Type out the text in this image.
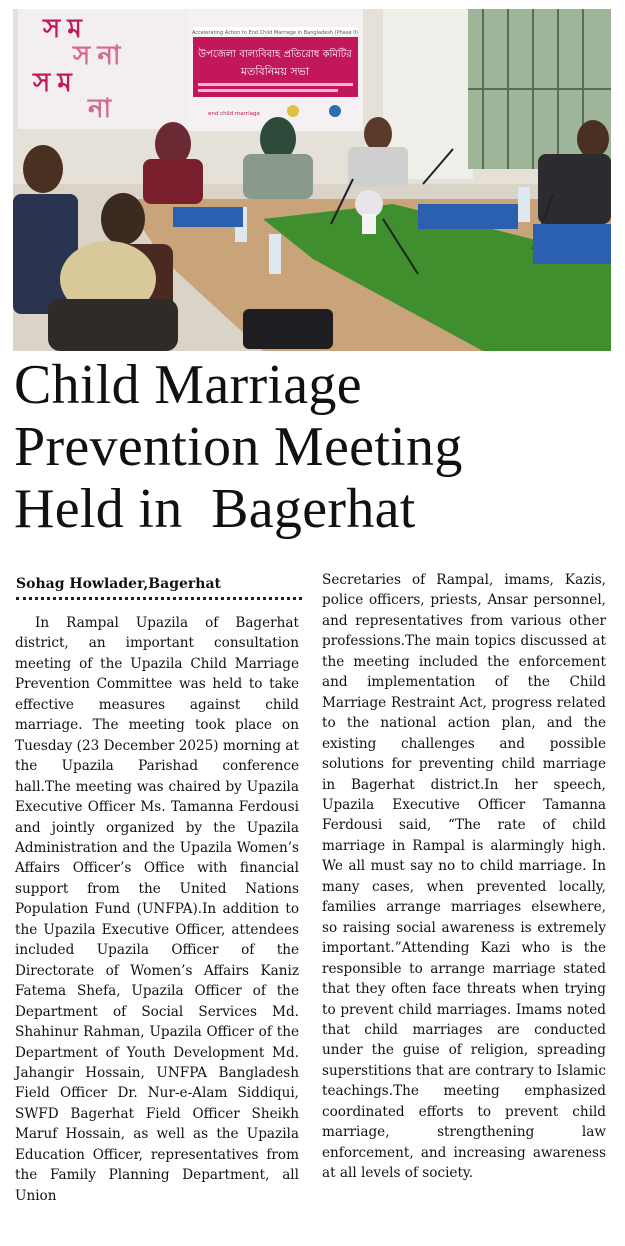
স ম
স না
স ম
না
Accelerating Action to End Child Marriage in Bangladesh (Phase II)
উপজেলা বাল্যবিবাহ প্রতিরোধ কমিটির
মতবিনিময় সভা
end child marriage
Child Marriage
Prevention Meeting
Held in  Bagerhat
Sohag Howlader,Bagerhat

In Rampal Upazila of Bagerhat district, an important consultation meeting of the Upazila Child Marriage Prevention Committee was held to take effective measures against child marriage. The meeting took place on Tuesday (23 December 2025) morning at the Upazila Parishad conference hall.The meeting was chaired by Upazila Executive Officer Ms. Tamanna Ferdousi and jointly organized by the Upazila Administration and the Upazila Women’s Affairs Officer’s Office with financial support from the United Nations Population Fund (UNFPA).In addition to the Upazila Executive Officer, attendees included Upazila Officer of the Directorate of Women’s Affairs Kaniz Fatema Shefa, Upazila Officer of the Department of Social Services Md. Shahinur Rahman, Upazila Officer of the Department of Youth Development Md. Jahangir Hossain, UNFPA Bangladesh Field Officer Dr. Nur-e-Alam Siddiqui, SWFD Bagerhat Field Officer Sheikh Maruf Hossain, as well as the Upazila Education Officer, representatives from the Family Planning Department, all Union

Secretaries of Rampal, imams, Kazis, police officers, priests, Ansar personnel, and representatives from various other professions.The main topics discussed at the meeting included the enforcement and implementation of the Child Marriage Restraint Act, progress related to the national action plan, and the existing challenges and possible solutions for preventing child marriage in Bagerhat district.In her speech, Upazila Executive Officer Tamanna Ferdousi said, “The rate of child marriage in Rampal is alarmingly high. We all must say no to child marriage. In many cases, when prevented locally, families arrange marriages elsewhere, so raising social awareness is extremely important.”Attending Kazi who is the responsible to arrange marriage stated that they often face threats when trying to prevent child marriages. Imams noted that child marriages are conducted under the guise of religion, spreading superstitions that are contrary to Islamic teachings.The meeting emphasized coordinated efforts to prevent child marriage, strengthening law enforcement, and increasing awareness at all levels of society.
